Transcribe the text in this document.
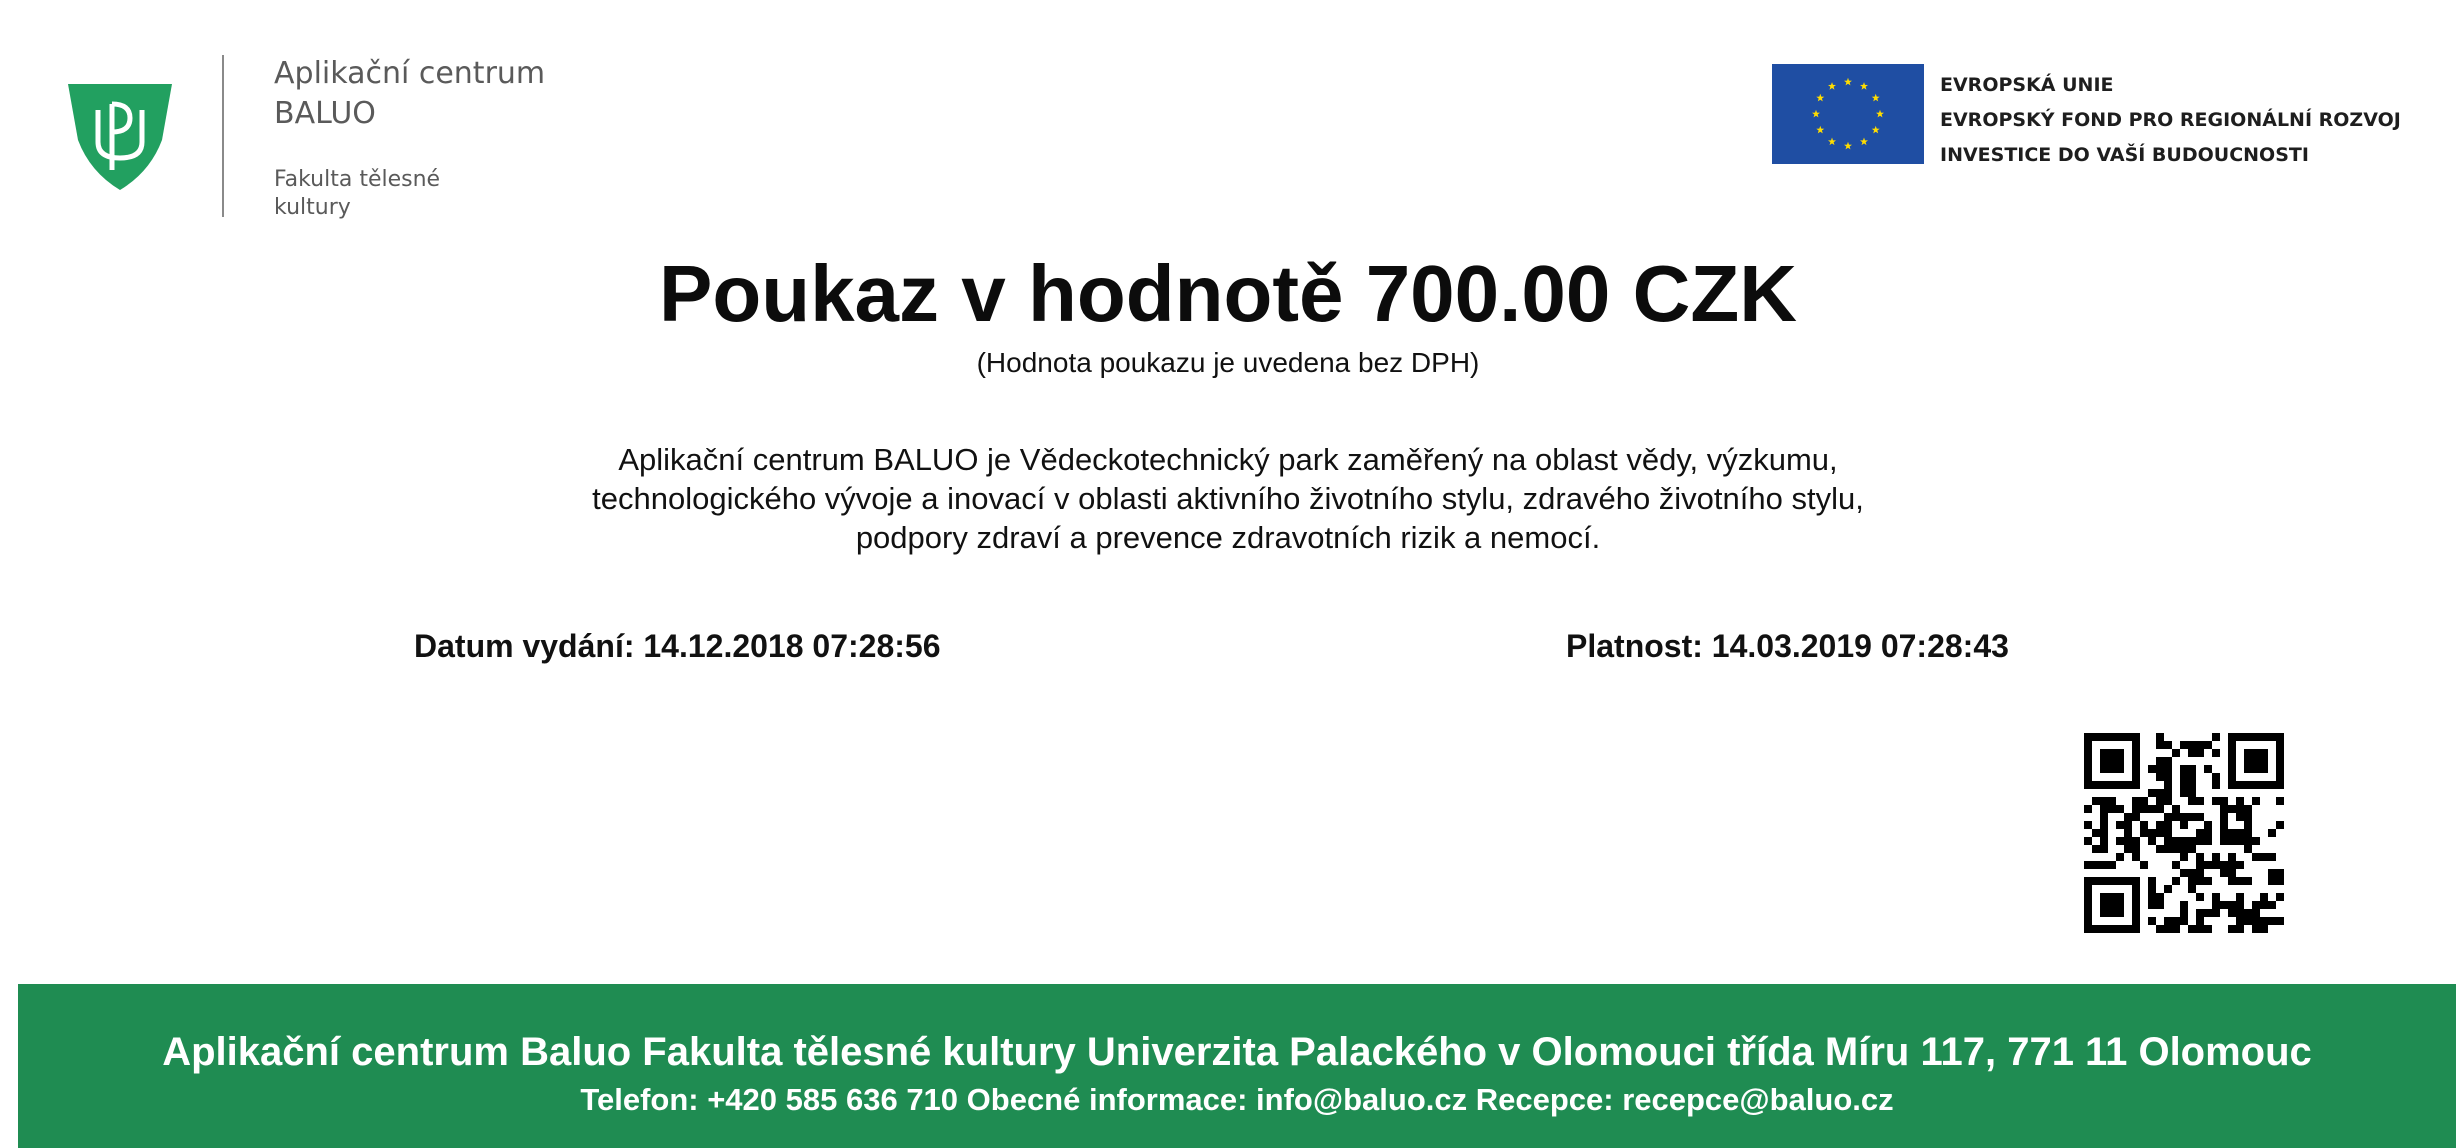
Aplikační centrum
BALUO
Fakulta tělesné
kultury
EVROPSKÁ UNIE
EVROPSKÝ FOND PRO REGIONÁLNÍ ROZVOJ
INVESTICE DO VAŠÍ BUDOUCNOSTI
Poukaz v hodnotě 700.00 CZK
(Hodnota poukazu je uvedena bez DPH)
Aplikační centrum BALUO je Vědeckotechnický park zaměřený na oblast vědy, výzkumu, technologického vývoje a inovací v oblasti aktivního životního stylu, zdravého životního stylu, podpory zdraví a prevence zdravotních rizik a nemocí.
Datum vydání: 14.12.2018 07:28:56	Platnost: 14.03.2019 07:28:43
Aplikační centrum Baluo Fakulta tělesné kultury Univerzita Palackého v Olomouci třída Míru 117, 771 11 Olomouc
Telefon: +420 585 636 710 Obecné informace: info@baluo.cz Recepce: recepce@baluo.cz
